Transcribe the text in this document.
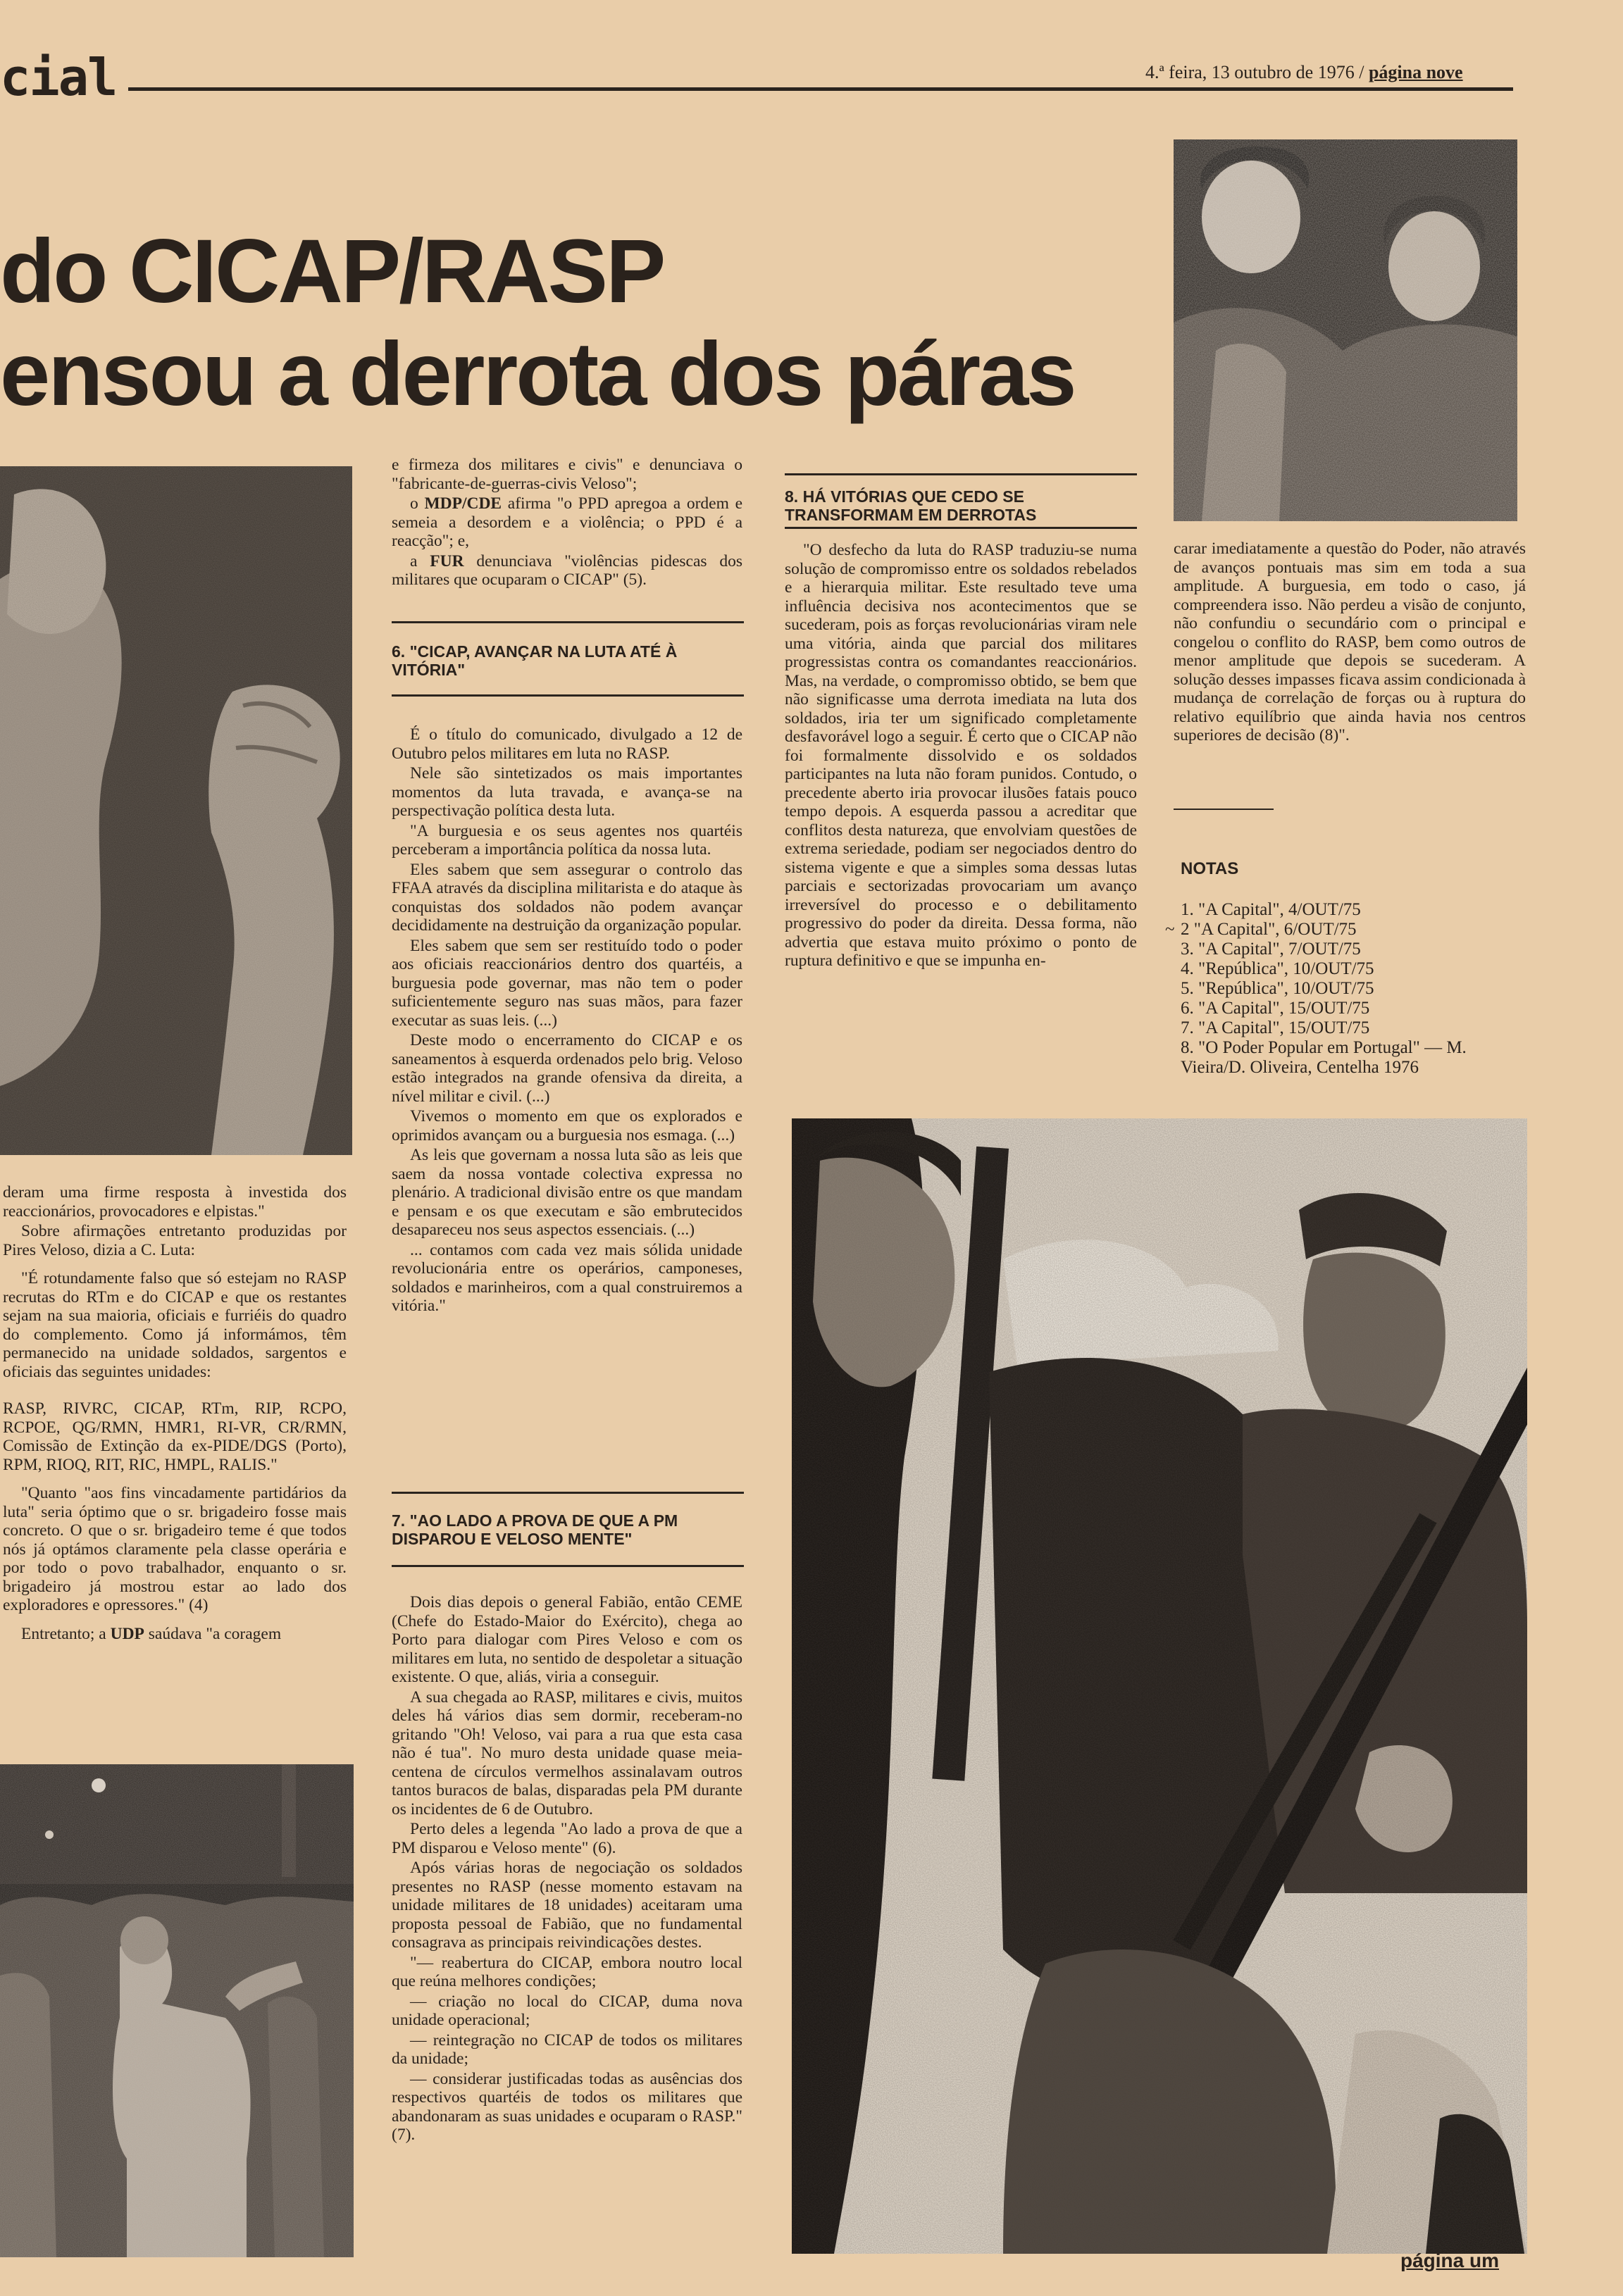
cial	4.ª feira, 13 outubro de 1976 / página nove
do CICAP/RASP
ensou a derrota dos páras

deram uma firme resposta à investida dos reaccionários, provocadores e elpistas."

Sobre afirmações entretanto produzidas por Pires Veloso, dizia a C. Luta:

"É rotundamente falso que só estejam no RASP recrutas do RTm e do CICAP e que os restantes sejam na sua maioria, oficiais e furriéis do quadro do complemento. Como já informámos, têm permanecido na unidade soldados, sargentos e oficiais das seguintes unidades:

RASP, RIVRC, CICAP, RTm, RIP, RCPO, RCPOE, QG/RMN, HMR1, RI-VR, CR/RMN, Comissão de Extinção da ex-PIDE/DGS (Porto), RPM, RIOQ, RIT, RIC, HMPL, RALIS."

"Quanto "aos fins vincadamente partidários da luta" seria óptimo que o sr. brigadeiro fosse mais concreto. O que o sr. brigadeiro teme é que todos nós já optámos claramente pela classe operária e por todo o povo trabalhador, enquanto o sr. brigadeiro já mostrou estar ao lado dos exploradores e opressores." (4)

Entretanto; a UDP saúdava "a coragem

e firmeza dos militares e civis" e denunciava o "fabricante-de-guerras-civis Veloso";

o MDP/CDE afirma "o PPD apregoa a ordem e semeia a desordem e a violência; o PPD é a reacção"; e,

a FUR denunciava "violências pidescas dos militares que ocuparam o CICAP" (5).

6. "CICAP, AVANÇAR NA LUTA ATÉ À VITÓRIA"

É o título do comunicado, divulgado a 12 de Outubro pelos militares em luta no RASP.

Nele são sintetizados os mais importantes momentos da luta travada, e avança-se na perspectivação política desta luta.

"A burguesia e os seus agentes nos quartéis perceberam a importância política da nossa luta.

Eles sabem que sem assegurar o controlo das FFAA através da disciplina militarista e do ataque às conquistas dos soldados não podem avançar decididamente na destruição da organização popular.

Eles sabem que sem ser restituído todo o poder aos oficiais reaccionários dentro dos quartéis, a burguesia pode governar, mas não tem o poder suficientemente seguro nas suas mãos, para fazer executar as suas leis. (...)

Deste modo o encerramento do CICAP e os saneamentos à esquerda ordenados pelo brig. Veloso estão integrados na grande ofensiva da direita, a nível militar e civil. (...)

Vivemos o momento em que os explorados e oprimidos avançam ou a burguesia nos esmaga. (...)

As leis que governam a nossa luta são as leis que saem da nossa vontade colectiva expressa no plenário. A tradicional divisão entre os que mandam e pensam e os que executam e são embrutecidos desapareceu nos seus aspectos essenciais. (...)

... contamos com cada vez mais sólida unidade revolucionária entre os operários, camponeses, soldados e marinheiros, com a qual construiremos a vitória."

7. "AO LADO A PROVA DE QUE A PM DISPAROU E VELOSO MENTE"

Dois dias depois o general Fabião, então CEME (Chefe do Estado-Maior do Exército), chega ao Porto para dialogar com Pires Veloso e com os militares em luta, no sentido de despoletar a situação existente. O que, aliás, viria a conseguir.

A sua chegada ao RASP, militares e civis, muitos deles há vários dias sem dormir, receberam-no gritando "Oh! Veloso, vai para a rua que esta casa não é tua". No muro desta unidade quase meia-centena de círculos vermelhos assinalavam outros tantos buracos de balas, disparadas pela PM durante os incidentes de 6 de Outubro.

Perto deles a legenda "Ao lado a prova de que a PM disparou e Veloso mente" (6).

Após várias horas de negociação os soldados presentes no RASP (nesse momento estavam na unidade militares de 18 unidades) aceitaram uma proposta pessoal de Fabião, que no fundamental consagrava as principais reivindicações destes.

"— reabertura do CICAP, embora noutro local que reúna melhores condições;

— criação no local do CICAP, duma nova unidade operacional;

— reintegração no CICAP de todos os militares da unidade;

— considerar justificadas todas as ausências dos respectivos quartéis de todos os militares que abandonaram as suas unidades e ocuparam o RASP." (7).

8. HÁ VITÓRIAS QUE CEDO SE TRANSFORMAM EM DERROTAS

"O desfecho da luta do RASP traduziu-se numa solução de compromisso entre os soldados rebelados e a hierarquia militar. Este resultado teve uma influência decisiva nos acontecimentos que se sucederam, pois as forças revolucionárias viram nele uma vitória, ainda que parcial dos militares progressistas contra os comandantes reaccionários. Mas, na verdade, o compromisso obtido, se bem que não significasse uma derrota imediata na luta dos soldados, iria ter um significado completamente desfavorável logo a seguir. É certo que o CICAP não foi formalmente dissolvido e os soldados participantes na luta não foram punidos. Contudo, o precedente aberto iria provocar ilusões fatais pouco tempo depois. A esquerda passou a acreditar que conflitos desta natureza, que envolviam questões de extrema seriedade, podiam ser negociados dentro do sistema vigente e que a simples soma dessas lutas parciais e sectorizadas provocariam um avanço irreversível do processo e o debilitamento progressivo do poder da direita. Dessa forma, não advertia que estava muito próximo o ponto de ruptura definitivo e que se impunha en-

carar imediatamente a questão do Poder, não através de avanços pontuais mas sim em toda a sua amplitude. A burguesia, em todo o caso, já compreendera isso. Não perdeu a visão de conjunto, não confundiu o secundário com o principal e congelou o conflito do RASP, bem como outros de menor amplitude que depois se sucederam. A solução desses impasses ficava assim condicionada à mudança de correlação de forças ou à ruptura do relativo equilíbrio que ainda havia nos centros superiores de decisão (8)".

NOTAS
1. "A Capital", 4/OUT/75
~ 2 "A Capital", 6/OUT/75
3. "A Capital", 7/OUT/75
4. "República", 10/OUT/75
5. "República", 10/OUT/75
6. "A Capital", 15/OUT/75
7. "A Capital", 15/OUT/75
8. "O Poder Popular em Portugal" — M. Vieira/D. Oliveira, Centelha 1976
página um
